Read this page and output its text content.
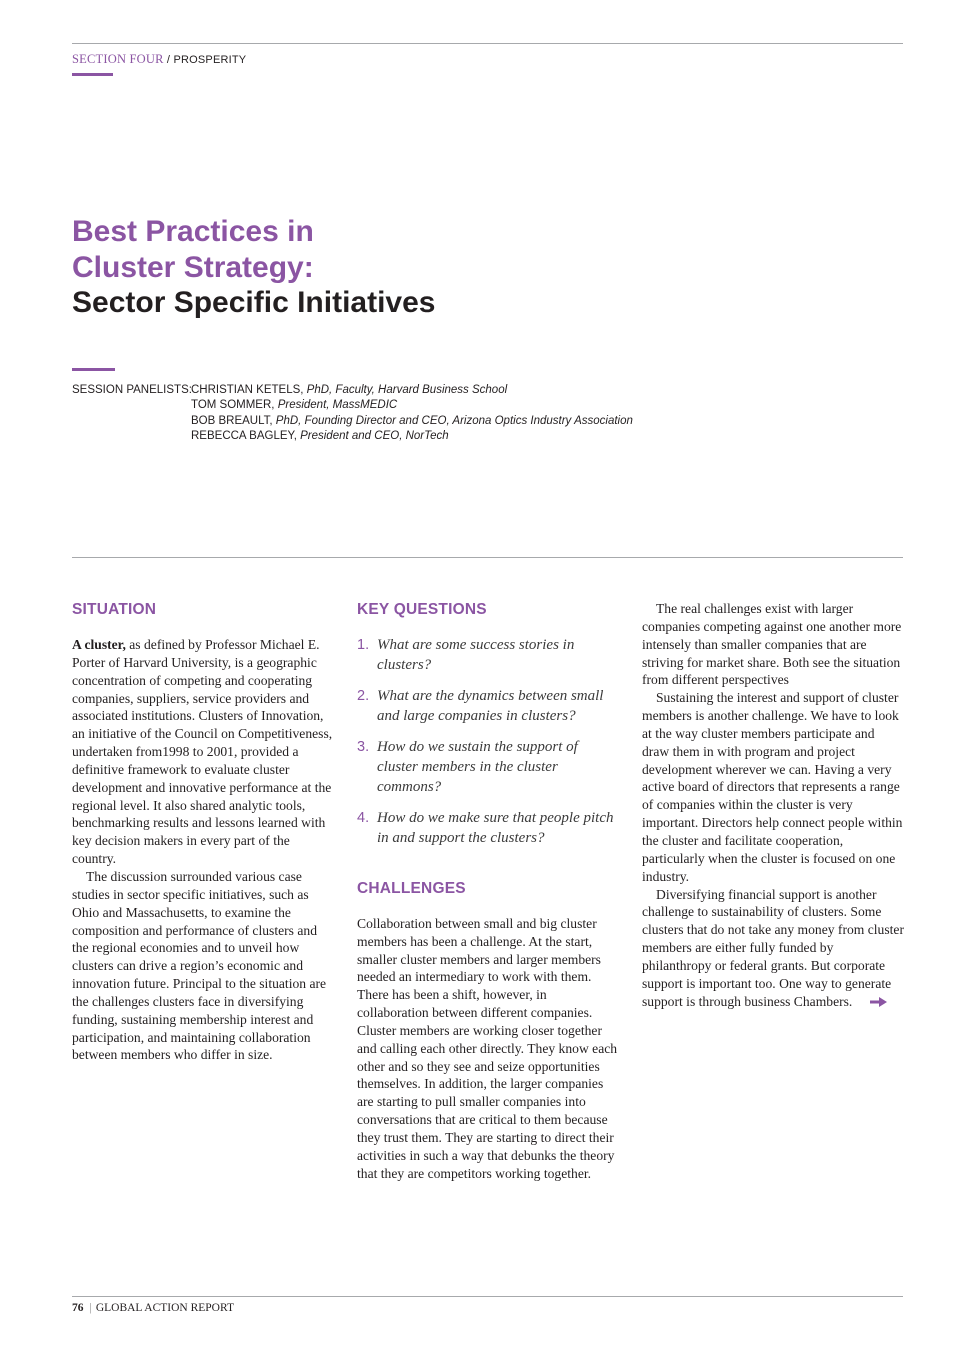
SECTION FOUR / PROSPERITY
Best Practices in
Cluster Strategy:
Sector Specific Initiatives
SESSION PANELISTS: CHRISTIAN KETELS, PhD, Faculty, Harvard Business School
TOM SOMMER, President, MassMEDIC
BOB BREAULT, PhD, Founding Director and CEO, Arizona Optics Industry Association
REBECCA BAGLEY, President and CEO, NorTech
SITUATION

A cluster, as defined by Professor Michael E. Porter of Harvard University, is a geographic concentration of competing and cooperating companies, suppliers, service providers and associated institutions. Clusters of Innovation, an initiative of the Council on Competitiveness, undertaken from1998 to 2001, provided a definitive framework to evaluate cluster development and innovative performance at the regional level. It also shared analytic tools, benchmarking results and lessons learned with key decision makers in every part of the country.

The discussion surrounded various case studies in sector specific initiatives, such as Ohio and Massachusetts, to examine the composition and performance of clusters and the regional economies and to unveil how clusters can drive a region’s economic and innovation future. Principal to the situation are the challenges clusters face in diversifying funding, sustaining membership interest and participation, and maintaining collaboration between members who differ in size.

KEY QUESTIONS
1. What are some success stories in clusters?
2. What are the dynamics between small and large companies in clusters?
3. How do we sustain the support of cluster members in the cluster commons?
4. How do we make sure that people pitch in and support the clusters?
CHALLENGES

Collaboration between small and big cluster members has been a challenge. At the start, smaller cluster members and larger members needed an intermediary to work with them. There has been a shift, however, in collaboration between different companies. Cluster members are working closer together and calling each other directly. They know each other and so they see and seize opportunities themselves. In addition, the larger companies are starting to pull smaller companies into conversations that are critical to them because they trust them. They are starting to direct their activities in such a way that debunks the theory that they are competitors working together.

The real challenges exist with larger companies competing against one another more intensely than smaller companies that are striving for market share. Both see the situation from different perspectives

Sustaining the interest and support of cluster members is another challenge. We have to look at the way cluster members participate and draw them in with program and project development wherever we can. Having a very active board of directors that represents a range of companies within the cluster is very important. Directors help connect people within the cluster and facilitate cooperation, particularly when the cluster is focused on one industry.

Diversifying financial support is another challenge to sustainability of clusters. Some clusters that do not take any money from cluster members are either fully funded by philanthropy or federal grants. But corporate support is important too. One way to generate support is through business Chambers.

76 | GLOBAL ACTION REPORT
